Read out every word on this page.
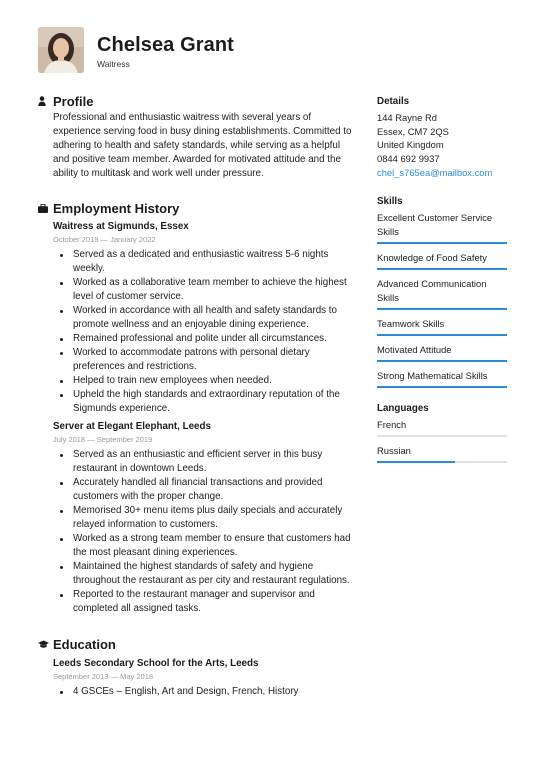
Chelsea Grant
Waitress
Profile
Professional and enthusiastic waitress with several years of experience serving food in busy dining establishments. Committed to adhering to health and safety standards, while serving as a helpful and positive team member. Awarded for motivated attitude and the ability to multitask and work well under pressure.
Employment History
Waitress at Sigmunds, Essex
October 2019 — January 2022
Served as a dedicated and enthusiastic waitress 5-6 nights weekly.
Worked as a collaborative team member to achieve the highest level of customer service.
Worked in accordance with all health and safety standards to promote wellness and an enjoyable dining experience.
Remained professional and polite under all circumstances.
Worked to accommodate patrons with personal dietary preferences and restrictions.
Helped to train new employees when needed.
Upheld the high standards and extraordinary reputation of the Sigmunds experience.
Server at Elegant Elephant, Leeds
July 2018 — September 2019
Served as an enthusiastic and efficient server in this busy restaurant in downtown Leeds.
Accurately handled all financial transactions and provided customers with the proper change.
Memorised 30+ menu items plus daily specials and accurately relayed information to customers.
Worked as a strong team member to ensure that customers had the most pleasant dining experiences.
Maintained the highest standards of safety and hygiene throughout the restaurant as per city and restaurant regulations.
Reported to the restaurant manager and supervisor and completed all assigned tasks.
Education
Leeds Secondary School for the Arts, Leeds
September 2013 — May 2018
4 GSCEs – English, Art and Design, French, History
Details
144 Rayne Rd
Essex, CM7 2QS
United Kingdom
0844 692 9937
chel_s765ea@mailbox.com
Skills
Excellent Customer Service Skills
Knowledge of Food Safety
Advanced Communication Skills
Teamwork Skills
Motivated Attitude
Strong Mathematical Skills
Languages
French
Russian
